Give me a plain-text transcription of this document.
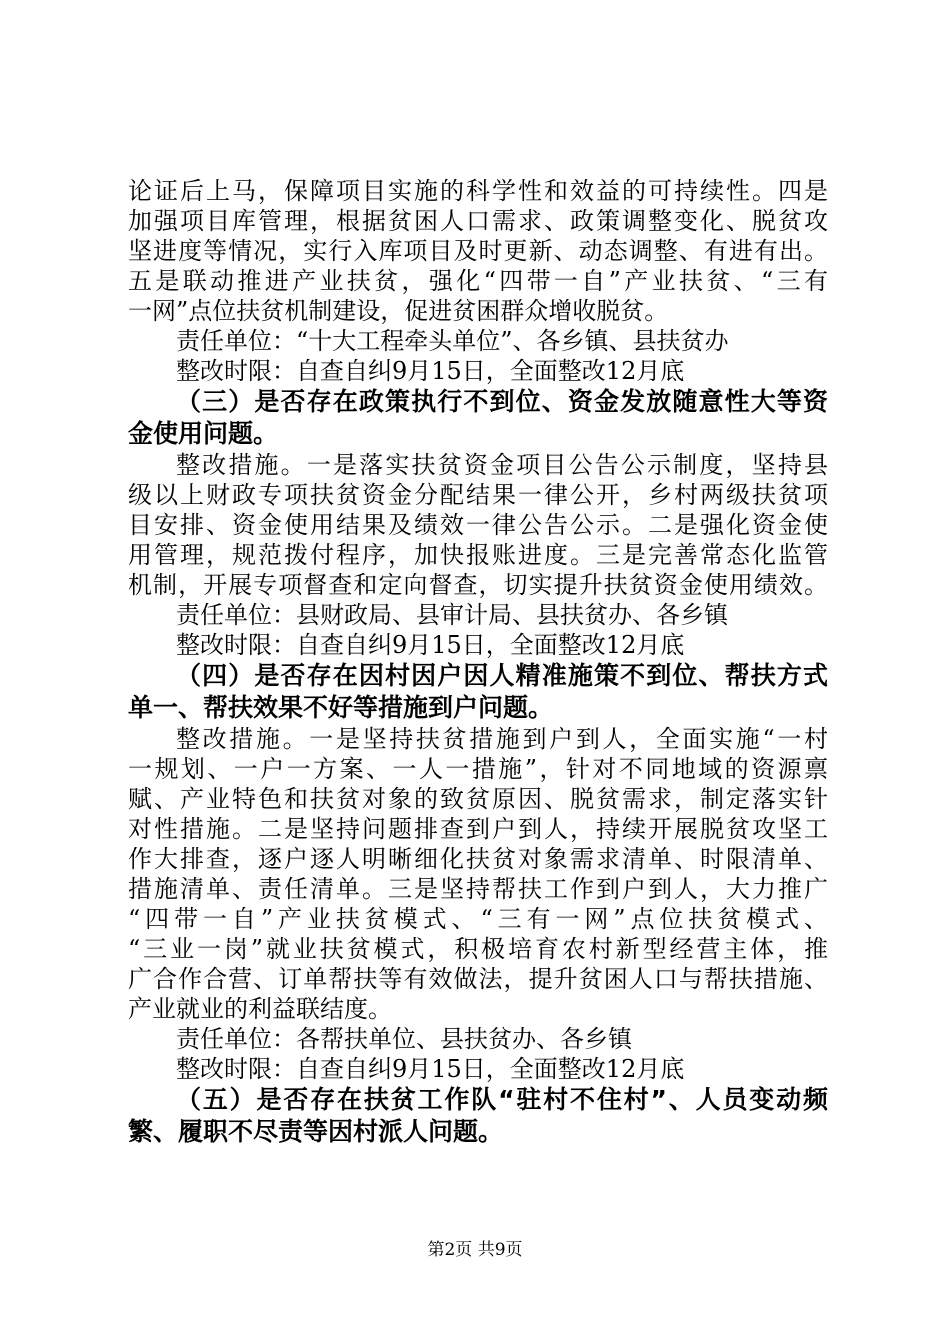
论证后上马，保障项目实施的科学性和效益的可持续性。四是
加强项目库管理，根据贫困人口需求、政策调整变化、脱贫攻
坚进度等情况，实行入库项目及时更新、动态调整、有进有出。
五是联动推进产业扶贫，强化“四带一自”产业扶贫、“三有
一网”点位扶贫机制建设，促进贫困群众增收脱贫。
责任单位：“十大工程牵头单位”、各乡镇、县扶贫办
整改时限：自查自纠9月15日，全面整改12月底
（三）是否存在政策执行不到位、资金发放随意性大等资
金使用问题。
整改措施。一是落实扶贫资金项目公告公示制度，坚持县
级以上财政专项扶贫资金分配结果一律公开，乡村两级扶贫项
目安排、资金使用结果及绩效一律公告公示。二是强化资金使
用管理，规范拨付程序，加快报账进度。三是完善常态化监管
机制，开展专项督查和定向督查，切实提升扶贫资金使用绩效。
责任单位：县财政局、县审计局、县扶贫办、各乡镇
整改时限：自查自纠9月15日，全面整改12月底
（四）是否存在因村因户因人精准施策不到位、帮扶方式
单一、帮扶效果不好等措施到户问题。
整改措施。一是坚持扶贫措施到户到人，全面实施“一村
一规划、一户一方案、一人一措施”，针对不同地域的资源禀
赋、产业特色和扶贫对象的致贫原因、脱贫需求，制定落实针
对性措施。二是坚持问题排查到户到人，持续开展脱贫攻坚工
作大排查，逐户逐人明晰细化扶贫对象需求清单、时限清单、
措施清单、责任清单。三是坚持帮扶工作到户到人，大力推广
“四带一自”产业扶贫模式、“三有一网”点位扶贫模式、
“三业一岗”就业扶贫模式，积极培育农村新型经营主体，推
广合作合营、订单帮扶等有效做法，提升贫困人口与帮扶措施、
产业就业的利益联结度。
责任单位：各帮扶单位、县扶贫办、各乡镇
整改时限：自查自纠9月15日，全面整改12月底
（五）是否存在扶贫工作队“驻村不住村”、人员变动频
繁、履职不尽责等因村派人问题。
第2页 共9页
